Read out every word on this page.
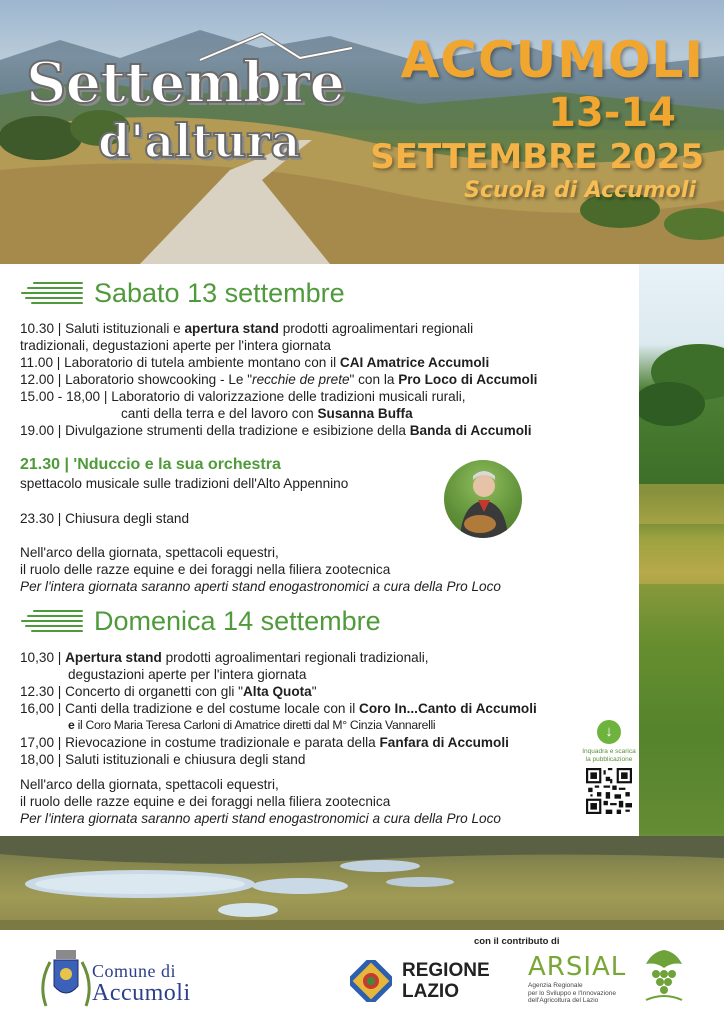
Settembre
d'altura
ACCUMOLI
13-14
SETTEMBRE 2025
Scuola di Accumoli
Sabato 13 settembre
10.30 | Saluti istituzionali e apertura stand prodotti agroalimentari regionali
tradizionali, degustazioni aperte per l'intera giornata
11.00 | Laboratorio di tutela ambiente montano con il CAI Amatrice Accumoli
12.00 | Laboratorio showcooking - Le "recchie de prete" con la Pro Loco di Accumoli
15.00 - 18,00 | Laboratorio di valorizzazione delle tradizioni musicali rurali,
canti della terra e del lavoro con Susanna Buffa
19.00 | Divulgazione strumenti della tradizione e esibizione della Banda di Accumoli
21.30 | 'Nduccio e la sua orchestra
spettacolo musicale sulle tradizioni dell'Alto Appennino
23.30 | Chiusura degli stand
Nell'arco della giornata, spettacoli equestri,
il ruolo delle razze equine e dei foraggi nella filiera zootecnica
Per l'intera giornata saranno aperti stand enogastronomici a cura della Pro Loco
Domenica 14 settembre
10,30 | Apertura stand prodotti agroalimentari regionali tradizionali,
degustazioni aperte per l'intera giornata
12.30 | Concerto di organetti con gli "Alta Quota"
16,00 | Canti della tradizione e del costume locale con il Coro In...Canto di Accumoli
e il Coro Maria Teresa Carloni di Amatrice diretti dal M° Cinzia Vannarelli
17,00 | Rievocazione in costume tradizionale e parata della Fanfara di Accumoli
18,00 | Saluti istituzionali e chiusura degli stand
Nell'arco della giornata, spettacoli equestri,
il ruolo delle razze equine e dei foraggi nella filiera zootecnica
Per l'intera giornata saranno aperti stand enogastronomici a cura della Pro Loco
↓
Inquadra e scarica
la pubblicazione
con il contributo di
Comune di
Accumoli
REGIONE
LAZIO
ARSIAL
Agenzia Regionale
per lo Sviluppo e l'Innovazione
dell'Agricoltura del Lazio
